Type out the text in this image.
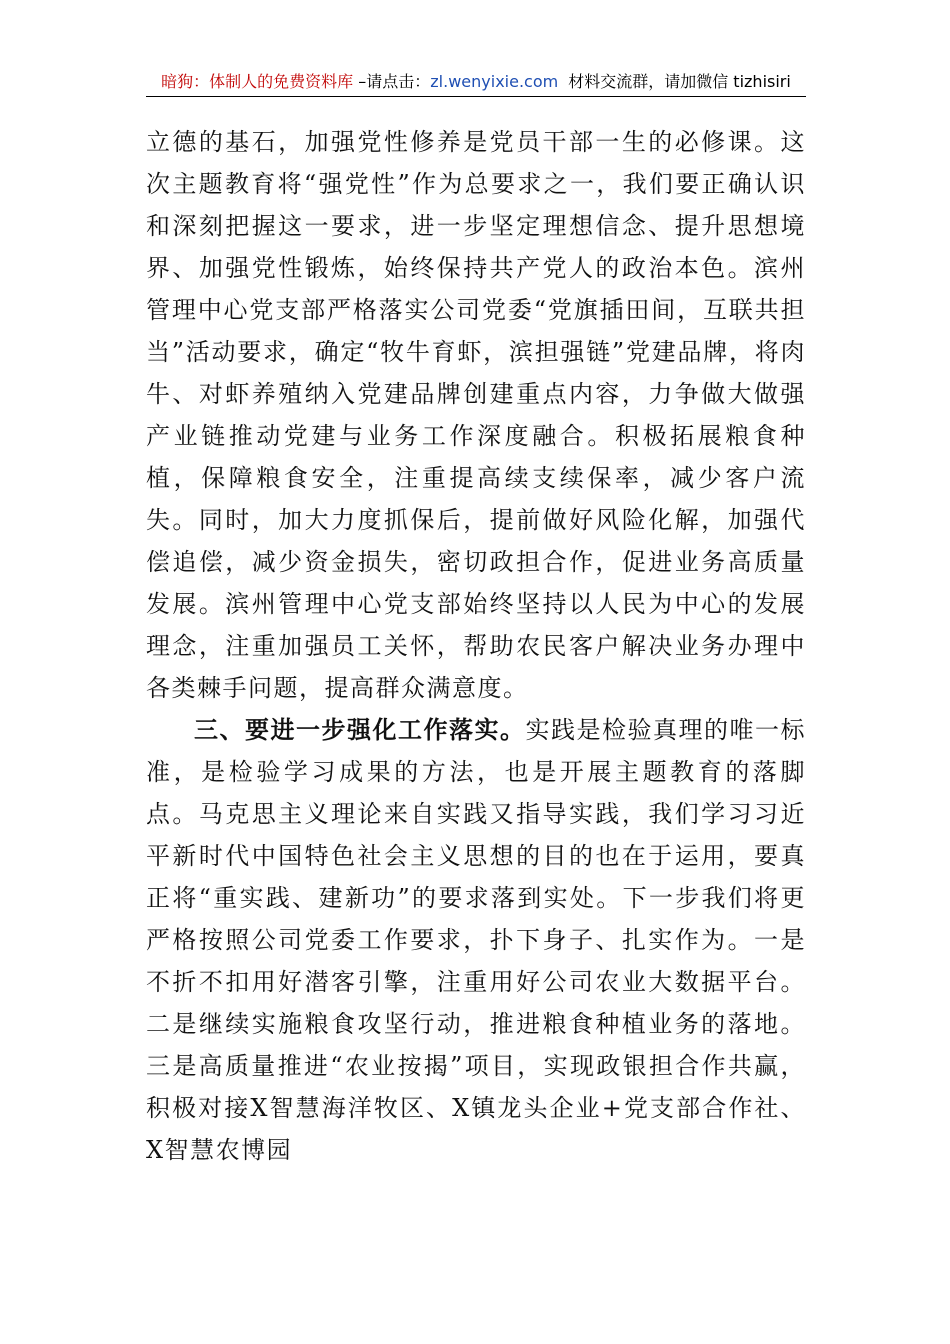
暗狗：体制人的免费资料库 –请点击：zl.wenyixie.com 材料交流群，请加微信 tizhisiri

立德的基石，加强党性修养是党员干部一生的必修课。这次主题教育将“强党性”作为总要求之一，我们要正确认识和深刻把握这一要求，进一步坚定理想信念、提升思想境界、加强党性锻炼，始终保持共产党人的政治本色。滨州管理中心党支部严格落实公司党委“党旗插田间，互联共担当”活动要求，确定“牧牛育虾，滨担强链”党建品牌，将肉牛、对虾养殖纳入党建品牌创建重点内容，力争做大做强产业链推动党建与业务工作深度融合。积极拓展粮食种植，保障粮食安全，注重提高续支续保率，减少客户流失。同时，加大力度抓保后，提前做好风险化解，加强代偿追偿，减少资金损失，密切政担合作，促进业务高质量发展。滨州管理中心党支部始终坚持以人民为中心的发展理念，注重加强员工关怀，帮助农民客户解决业务办理中各类棘手问题，提高群众满意度。

三、要进一步强化工作落实。实践是检验真理的唯一标准，是检验学习成果的方法，也是开展主题教育的落脚点。马克思主义理论来自实践又指导实践，我们学习习近平新时代中国特色社会主义思想的目的也在于运用，要真正将“重实践、建新功”的要求落到实处。下一步我们将更严格按照公司党委工作要求，扑下身子、扎实作为。一是不折不扣用好潜客引擎，注重用好公司农业大数据平台。二是继续实施粮食攻坚行动，推进粮食种植业务的落地。三是高质量推进“农业按揭”项目，实现政银担合作共赢，积极对接X智慧海洋牧区、X镇龙头企业+党支部合作社、X智慧农博园
